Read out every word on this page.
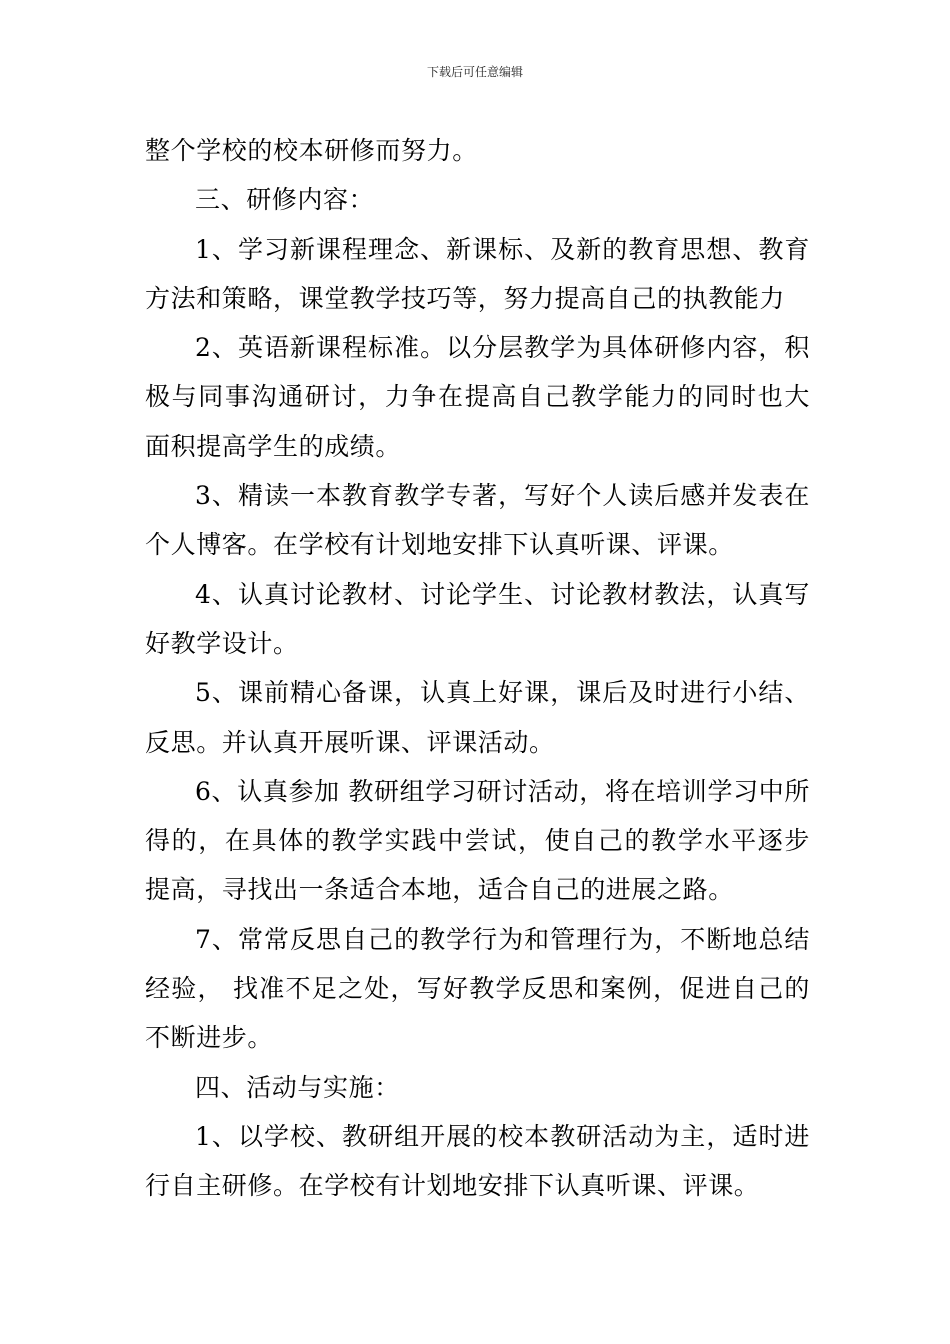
下载后可任意编辑

整个学校的校本研修而努力。

三、研修内容：

1、学习新课程理念、新课标、及新的教育思想、教育方法和策略，课堂教学技巧等，努力提高自己的执教能力

2、英语新课程标准。以分层教学为具体研修内容，积极与同事沟通研讨，力争在提高自己教学能力的同时也大面积提高学生的成绩。

3、精读一本教育教学专著，写好个人读后感并发表在个人博客。在学校有计划地安排下认真听课、评课。

4、认真讨论教材、讨论学生、讨论教材教法，认真写好教学设计。

5、课前精心备课，认真上好课，课后及时进行小结、反思。并认真开展听课、评课活动。

6、认真参加 教研组学习研讨活动，将在培训学习中所得的，在具体的教学实践中尝试，使自己的教学水平逐步提高，寻找出一条适合本地，适合自己的进展之路。

7、常常反思自己的教学行为和管理行为，不断地总结经验， 找准不足之处，写好教学反思和案例，促进自己的不断进步。

四、活动与实施：

1、以学校、教研组开展的校本教研活动为主，适时进行自主研修。在学校有计划地安排下认真听课、评课。
